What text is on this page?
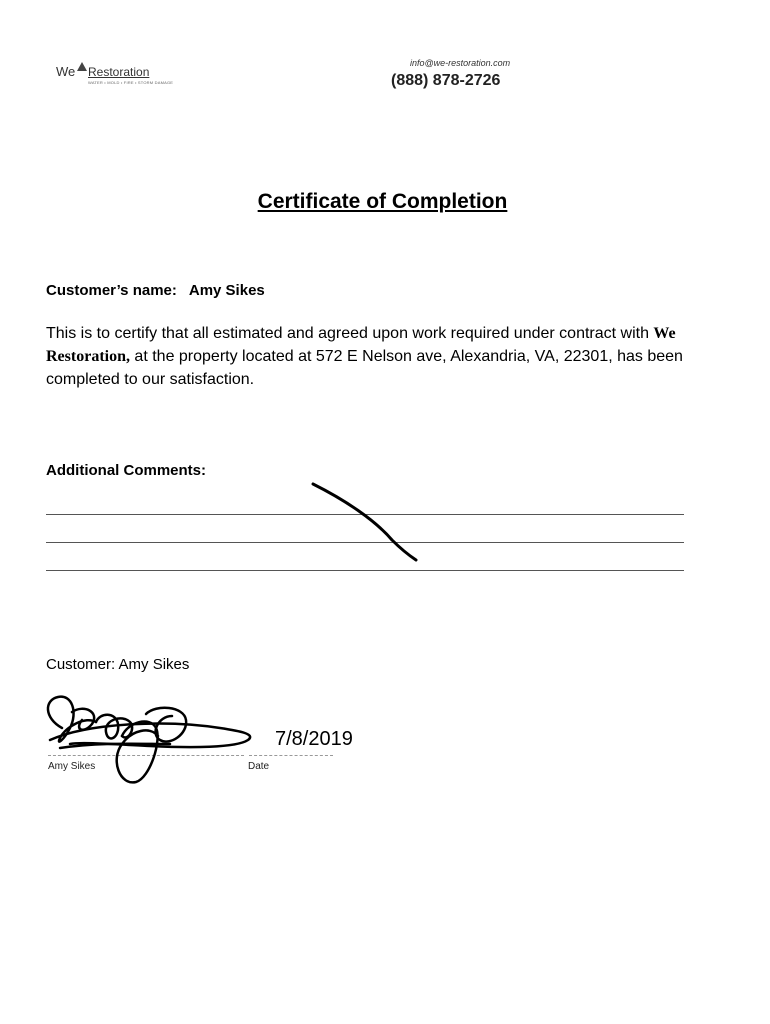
We Restoration
WATER • MOLD • FIRE • STORM DAMAGE
info@we-restoration.com
(888) 878-2726
Certificate of Completion
Customer’s name: Amy Sikes
This is to certify that all estimated and agreed upon work required under contract with We Restoration, at the property located at 572 E Nelson ave, Alexandria, VA, 22301, has been completed to our satisfaction.
Additional Comments:
Customer: Amy Sikes
7/8/2019
Amy Sikes	Date
